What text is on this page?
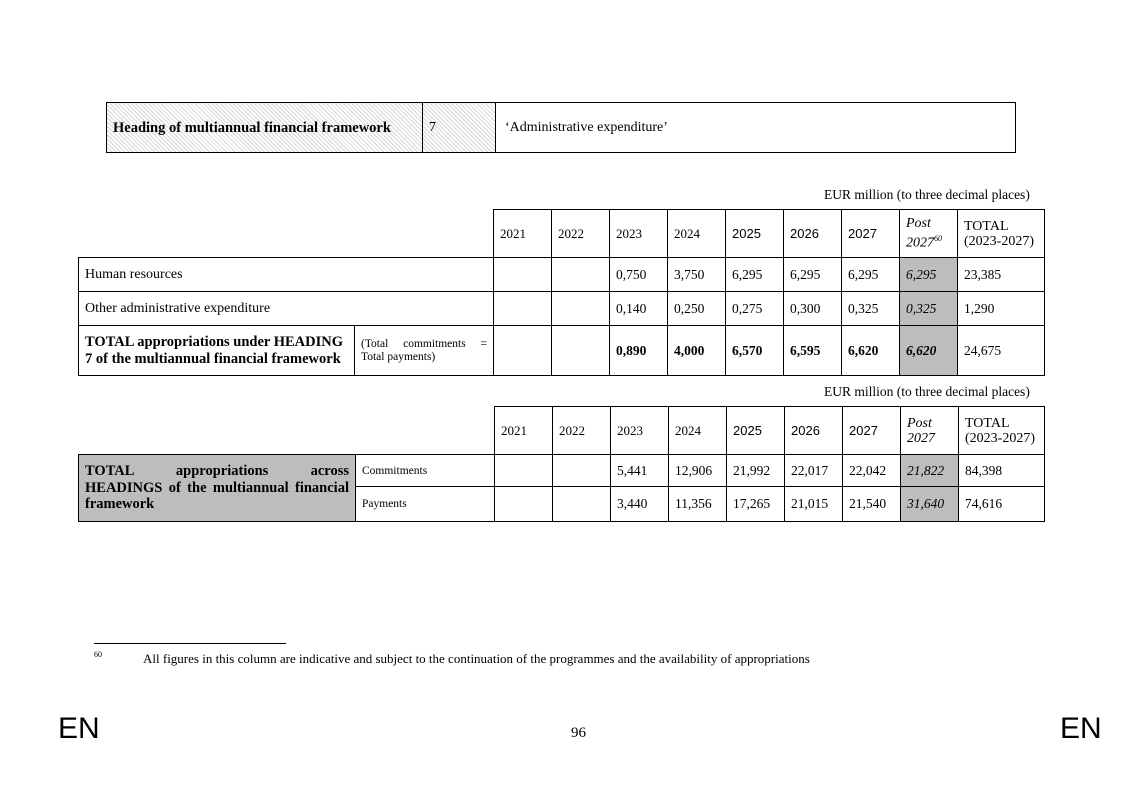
Heading of multiannual financial framework	7	‘Administrative expenditure’
EUR million (to three decimal places)
		2021	2022	2023	2024	2025	2026	2027	Post 2027$^{60}$	TOTAL (2023-2027)
Human resources				0,750	3,750	6,295	6,295	6,295	6,295	23,385
Other administrative expenditure				0,140	0,250	0,275	0,300	0,325	0,325	1,290
TOTAL appropriations under HEADING 7 of the multiannual financial framework	(Total commitments = Total payments)			0,890	4,000	6,570	6,595	6,620	6,620	24,675
EUR million (to three decimal places)
		2021	2022	2023	2024	2025	2026	2027	Post 2027	TOTAL (2023-2027)
TOTAL appropriations across HEADINGS of the multiannual financial framework	Commitments			5,441	12,906	21,992	22,017	22,042	21,822	84,398
	Payments			3,440	11,356	17,265	21,015	21,540	31,640	74,616
60	All figures in this column are indicative and subject to the continuation of the programmes and the availability of appropriations
EN	96	EN
